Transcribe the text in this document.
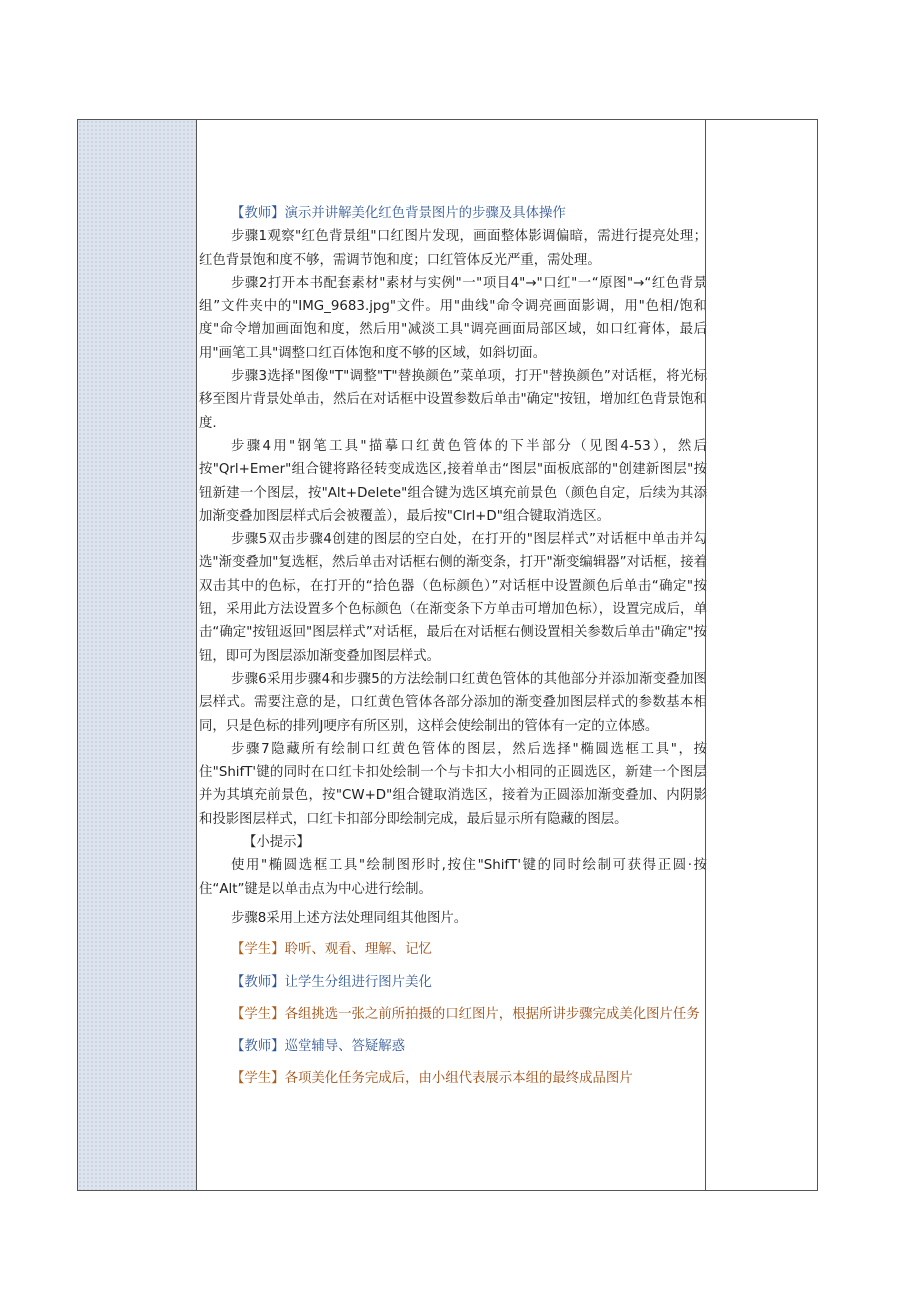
【教师】演示并讲解美化红色背景图片的步骤及具体操作

步骤1观察"红色背景组"口红图片发现，画面整体影调偏暗，需进行提亮处理；红色背景饱和度不够，需调节饱和度；口红管体反光严重，需处理。

步骤2打开本书配套素材"素材与实例"一"项目4"→"口红"一“原图"→“红色背景组”文件夹中的"IMG_9683.jpg"文件。用"曲线"命令调亮画面影调，用"色相/饱和度"命令增加画面饱和度，然后用"减淡工具"调亮画面局部区域，如口红膏体，最后用"画笔工具"调整口红百体饱和度不够的区域，如斜切面。

步骤3选择"图像"T"调整"T"替换颜色”菜单项，打开"替换颜色”对话框，将光标移至图片背景处单击，然后在对话框中设置参数后单击"确定"按钮，增加红色背景饱和度.

步骤4用"钢笔工具"描摹口红黄色管体的下半部分（见图4-53），然后按"Qrl+Emer"组合键将路径转变成选区,接着单击“图层"面板底部的"创建新图层"按钮新建一个图层，按"Alt+Delete"组合键为选区填充前景色（颜色自定，后续为其添加渐变叠加图层样式后会被覆盖），最后按"Clrl+D"组合键取消选区。

步骤5双击步骤4创建的图层的空白处，在打开的"图层样式”对话框中单击并勾选"渐变叠加"复选框，然后单击对话框右侧的渐变条，打开"渐变编辑器”对话框，接着双击其中的色标，在打开的“拾色器（色标颜色）”对话框中设置颜色后单击“确定"按钮，采用此方法设置多个色标颜色（在渐变条下方单击可增加色标），设置完成后，单击“确定"按钮返回"图层样式”对话框，最后在对话框右侧设置相关参数后单击"确定"按钮，即可为图层添加渐变叠加图层样式。

步骤6采用步骤4和步骤5的方法绘制口红黄色管体的其他部分并添加渐变叠加图层样式。需要注意的是，口红黄色管体各部分添加的渐变叠加图层样式的参数基本相同，只是色标的排列J哽序有所区别，这样会使绘制出的管体有一定的立体感。

步骤7隐藏所有绘制口红黄色管体的图层，然后选择"椭圆选框工具"，按住"ShifT'键的同时在口红卡扣处绘制一个与卡扣大小相同的正圆选区，新建一个图层并为其填充前景色，按"CW+D"组合键取消选区，接着为正圆添加渐变叠加、内阴影和投影图层样式，口红卡扣部分即绘制完成，最后显示所有隐藏的图层。

【小提示】

使用"椭圆选框工具"绘制图形时,按住"ShifT'键的同时绘制可获得正圆·按住“Alt”键是以单击点为中心进行绘制。

步骤8采用上述方法处理同组其他图片。

【学生】聆听、观看、理解、记忆

【教师】让学生分组进行图片美化

【学生】各组挑选一张之前所拍摄的口红图片，根据所讲步骤完成美化图片任务

【教师】巡堂辅导、答疑解惑

【学生】各项美化任务完成后，由小组代表展示本组的最终成品图片
